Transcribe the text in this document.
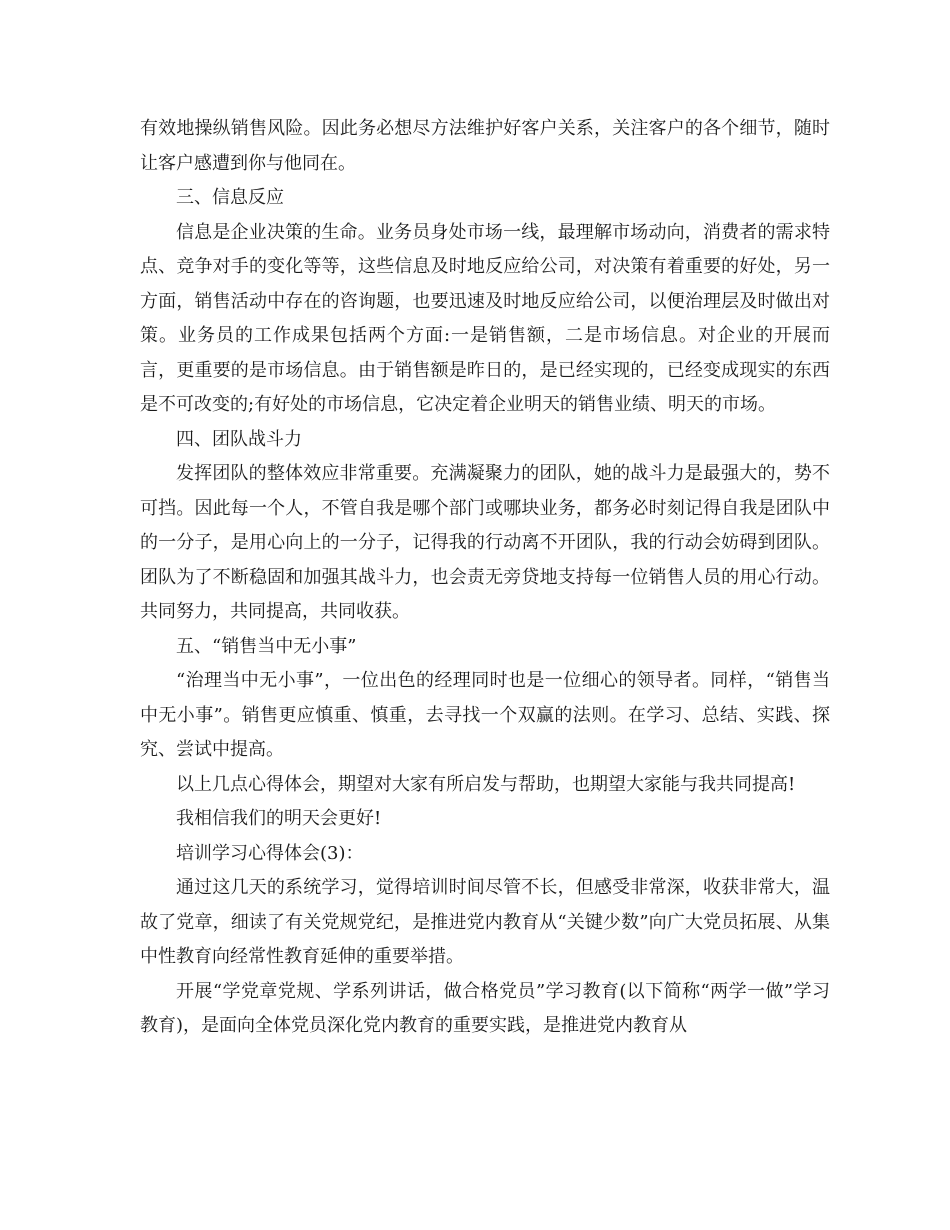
有效地操纵销售风险。因此务必想尽方法维护好客户关系，关注客户的各个细节，随时让客户感遭到你与他同在。

三、信息反应

信息是企业决策的生命。业务员身处市场一线，最理解市场动向，消费者的需求特点、竞争对手的变化等等，这些信息及时地反应给公司，对决策有着重要的好处，另一方面，销售活动中存在的咨询题，也要迅速及时地反应给公司，以便治理层及时做出对策。业务员的工作成果包括两个方面:一是销售额，二是市场信息。对企业的开展而言，更重要的是市场信息。由于销售额是昨日的，是已经实现的，已经变成现实的东西是不可改变的;有好处的市场信息，它决定着企业明天的销售业绩、明天的市场。

四、团队战斗力

发挥团队的整体效应非常重要。充满凝聚力的团队，她的战斗力是最强大的，势不可挡。因此每一个人，不管自我是哪个部门或哪块业务，都务必时刻记得自我是团队中的一分子，是用心向上的一分子，记得我的行动离不开团队，我的行动会妨碍到团队。团队为了不断稳固和加强其战斗力，也会责无旁贷地支持每一位销售人员的用心行动。共同努力，共同提高，共同收获。

五、“销售当中无小事”

“治理当中无小事”，一位出色的经理同时也是一位细心的领导者。同样，“销售当中无小事”。销售更应慎重、慎重，去寻找一个双赢的法则。在学习、总结、实践、探究、尝试中提高。

以上几点心得体会，期望对大家有所启发与帮助，也期望大家能与我共同提高!

我相信我们的明天会更好!

培训学习心得体会(3)：

通过这几天的系统学习，觉得培训时间尽管不长，但感受非常深，收获非常大，温故了党章，细读了有关党规党纪，是推进党内教育从“关键少数”向广大党员拓展、从集中性教育向经常性教育延伸的重要举措。

开展“学党章党规、学系列讲话，做合格党员”学习教育(以下简称“两学一做”学习教育)，是面向全体党员深化党内教育的重要实践，是推进党内教育从
